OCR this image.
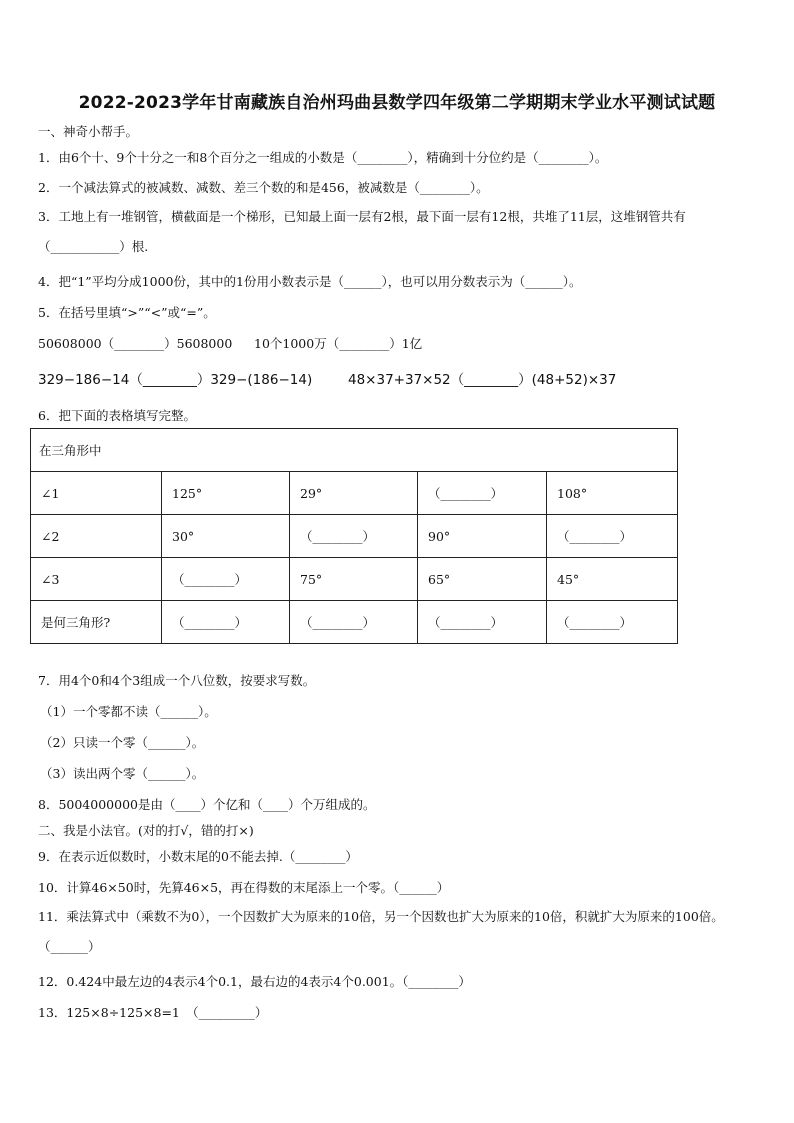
2022-2023学年甘南藏族自治州玛曲县数学四年级第二学期期末学业水平测试试题
一、神奇小帮手。
1．由6个十、9个十分之一和8个百分之一组成的小数是（________），精确到十分位约是（________）。
2．一个减法算式的被减数、减数、差三个数的和是456，被减数是（________）。
3．工地上有一堆钢管，横截面是一个梯形，已知最上面一层有2根，最下面一层有12根，共堆了11层，这堆钢管共有（___________）根.
4．把“1”平均分成1000份，其中的1份用小数表示是（______），也可以用分数表示为（______）。
5．在括号里填“>”“<”或“=”。
50608000（________）5608000 10个1000万（________）1亿
329−186−14（________）329−(186−14)	48×37+37×52（________）(48+52)×37
6．把下面的表格填写完整。
在三角形中				
∠1	125°	29°	（________）	108°
∠2	30°	（________）	90°	（________）
∠3	（________）	75°	65°	45°
是何三角形?	（________）	（________）	（________）	（________）
7．用4个0和4个3组成一个八位数，按要求写数。
（1）一个零都不读（______）。
（2）只读一个零（______）。
（3）读出两个零（______）。
8．5004000000是由（____）个亿和（____）个万组成的。
二、我是小法官。(对的打√，错的打×)
9．在表示近似数时，小数末尾的0不能去掉.（________）
10．计算46×50时，先算46×5，再在得数的末尾添上一个零。（______）
11．乘法算式中（乘数不为0），一个因数扩大为原来的10倍，另一个因数也扩大为原来的10倍，积就扩大为原来的100倍。（______）
12．0.424中最左边的4表示4个0.1，最右边的4表示4个0.001。（________）
13．125×8÷125×8=1　（_________）
